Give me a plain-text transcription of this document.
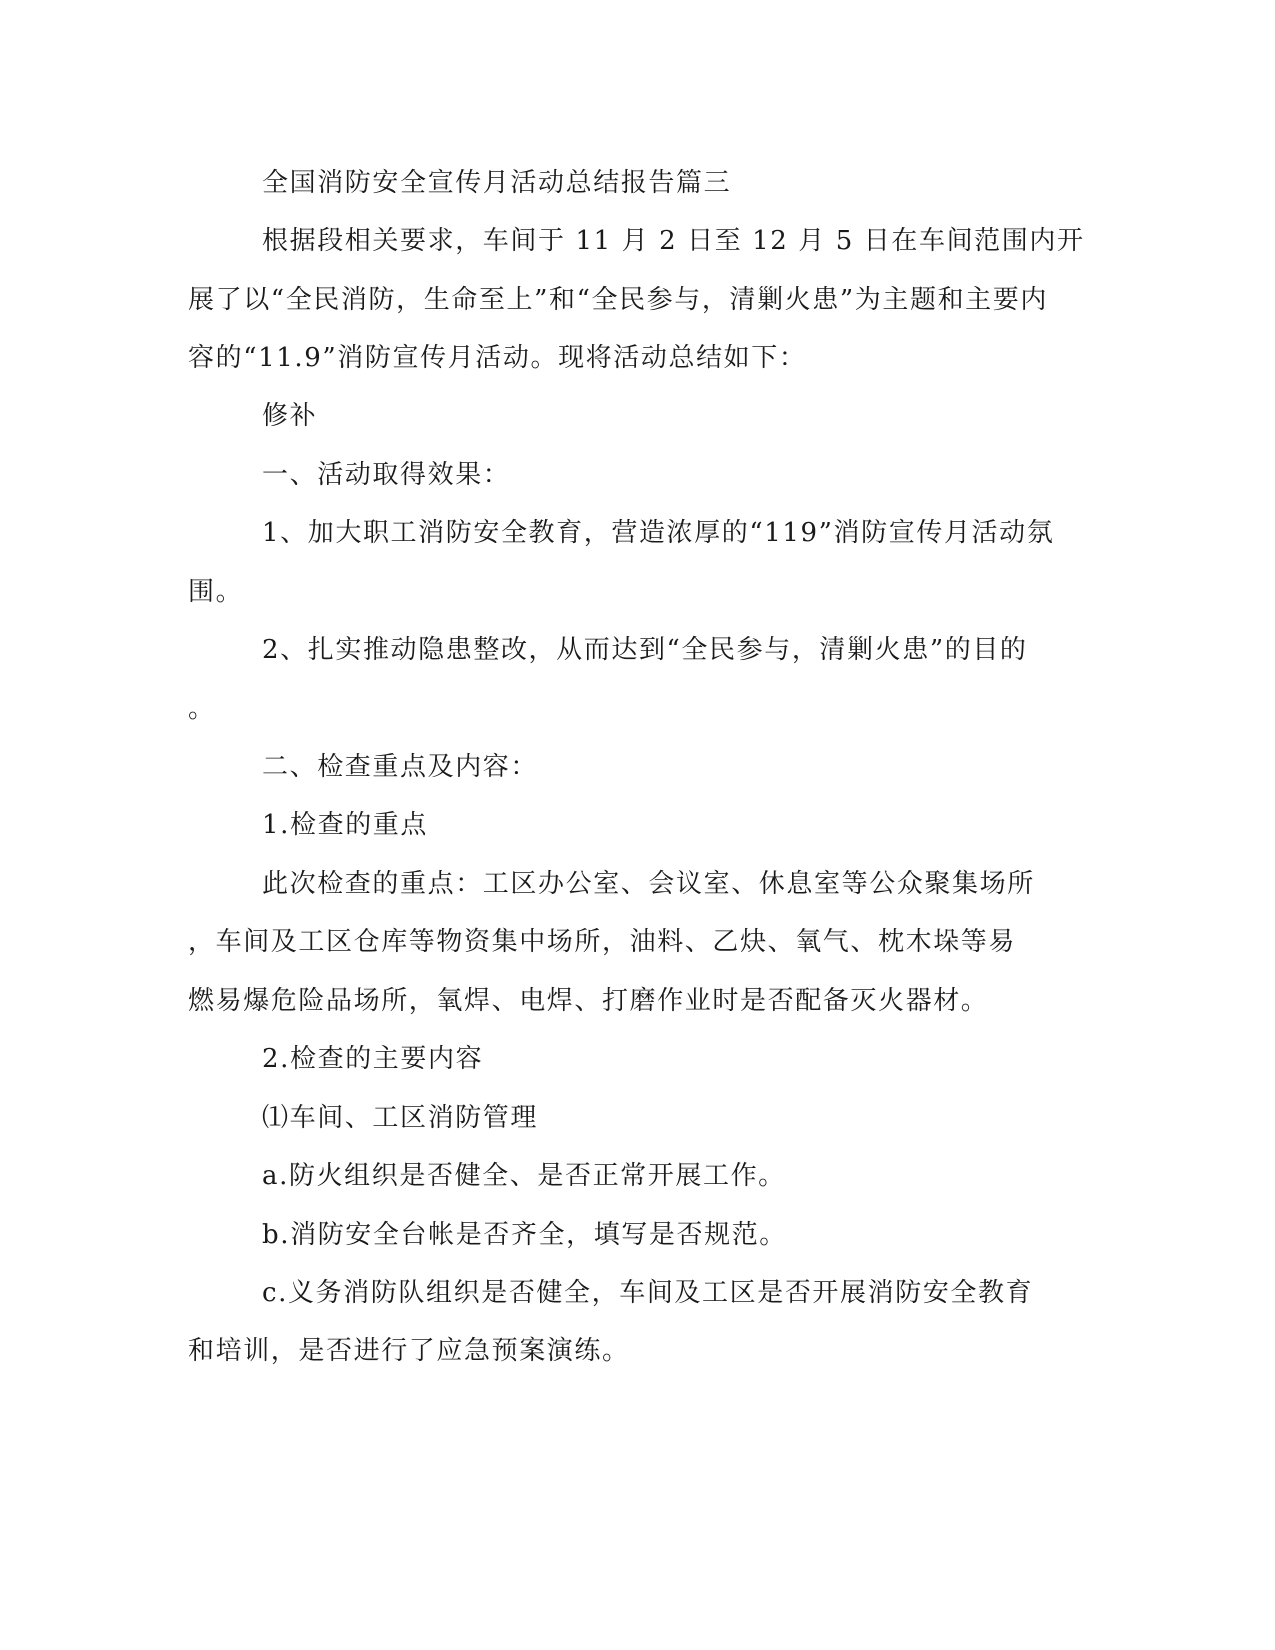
全国消防安全宣传月活动总结报告篇三

根据段相关要求，车间于 11 月 2 日至 12 月 5 日在车间范围内开

展了以“全民消防，生命至上”和“全民参与，清剿火患”为主题和主要内

容的“11.9”消防宣传月活动。现将活动总结如下：

修补

一、活动取得效果：

1、加大职工消防安全教育，营造浓厚的“119”消防宣传月活动氛

围。

2、扎实推动隐患整改，从而达到“全民参与，清剿火患”的目的

。

二、检查重点及内容：

1.检查的重点

此次检查的重点：工区办公室、会议室、休息室等公众聚集场所

，车间及工区仓库等物资集中场所，油料、乙炔、氧气、枕木垛等易

燃易爆危险品场所，氧焊、电焊、打磨作业时是否配备灭火器材。

2.检查的主要内容

⑴车间、工区消防管理

a.防火组织是否健全、是否正常开展工作。

b.消防安全台帐是否齐全，填写是否规范。

c.义务消防队组织是否健全，车间及工区是否开展消防安全教育

和培训，是否进行了应急预案演练。
